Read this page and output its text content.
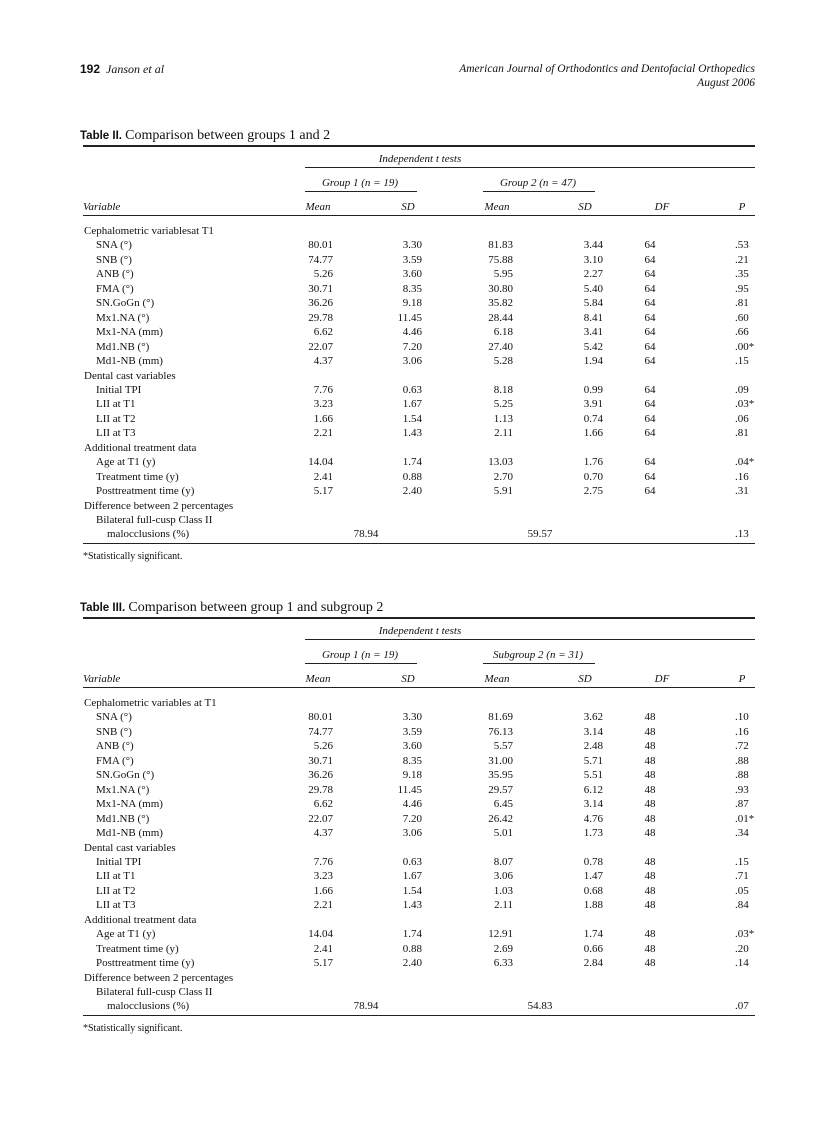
192 Janson et al	American Journal of Orthodontics and Dentofacial Orthopedics
August 2006
Table II. Comparison between groups 1 and 2
Independent t tests
Group 1 (n = 19)	Group 2 (n = 47)
Variable	Mean	SD	Mean	SD	DF	P
Cephalometric variablesat T1
SNA (°)	80.01	3.30	81.83	3.44	64	.53
SNB (°)	74.77	3.59	75.88	3.10	64	.21
ANB (°)	5.26	3.60	5.95	2.27	64	.35
FMA (°)	30.71	8.35	30.80	5.40	64	.95
SN.GoGn (°)	36.26	9.18	35.82	5.84	64	.81
Mx1.NA (°)	29.78	11.45	28.44	8.41	64	.60
Mx1-NA (mm)	6.62	4.46	6.18	3.41	64	.66
Md1.NB (°)	22.07	7.20	27.40	5.42	64	.00*
Md1-NB (mm)	4.37	3.06	5.28	1.94	64	.15
Dental cast variables
Initial TPI	7.76	0.63	8.18	0.99	64	.09
LII at T1	3.23	1.67	5.25	3.91	64	.03*
LII at T2	1.66	1.54	1.13	0.74	64	.06
LII at T3	2.21	1.43	2.11	1.66	64	.81
Additional treatment data
Age at T1 (y)	14.04	1.74	13.03	1.76	64	.04*
Treatment time (y)	2.41	0.88	2.70	0.70	64	.16
Posttreatment time (y)	5.17	2.40	5.91	2.75	64	.31
Difference between 2 percentages
Bilateral full-cusp Class II
malocclusions (%)	78.94	59.57	.13
*Statistically significant.
Table III. Comparison between group 1 and subgroup 2
Independent t tests
Group 1 (n = 19)	Subgroup 2 (n = 31)
Variable	Mean	SD	Mean	SD	DF	P
Cephalometric variables at T1
SNA (°)	80.01	3.30	81.69	3.62	48	.10
SNB (°)	74.77	3.59	76.13	3.14	48	.16
ANB (°)	5.26	3.60	5.57	2.48	48	.72
FMA (°)	30.71	8.35	31.00	5.71	48	.88
SN.GoGn (°)	36.26	9.18	35.95	5.51	48	.88
Mx1.NA (°)	29.78	11.45	29.57	6.12	48	.93
Mx1-NA (mm)	6.62	4.46	6.45	3.14	48	.87
Md1.NB (°)	22.07	7.20	26.42	4.76	48	.01*
Md1-NB (mm)	4.37	3.06	5.01	1.73	48	.34
Dental cast variables
Initial TPI	7.76	0.63	8.07	0.78	48	.15
LII at T1	3.23	1.67	3.06	1.47	48	.71
LII at T2	1.66	1.54	1.03	0.68	48	.05
LII at T3	2.21	1.43	2.11	1.88	48	.84
Additional treatment data
Age at T1 (y)	14.04	1.74	12.91	1.74	48	.03*
Treatment time (y)	2.41	0.88	2.69	0.66	48	.20
Posttreatment time (y)	5.17	2.40	6.33	2.84	48	.14
Difference between 2 percentages
Bilateral full-cusp Class II
malocclusions (%)	78.94	54.83	.07
*Statistically significant.
